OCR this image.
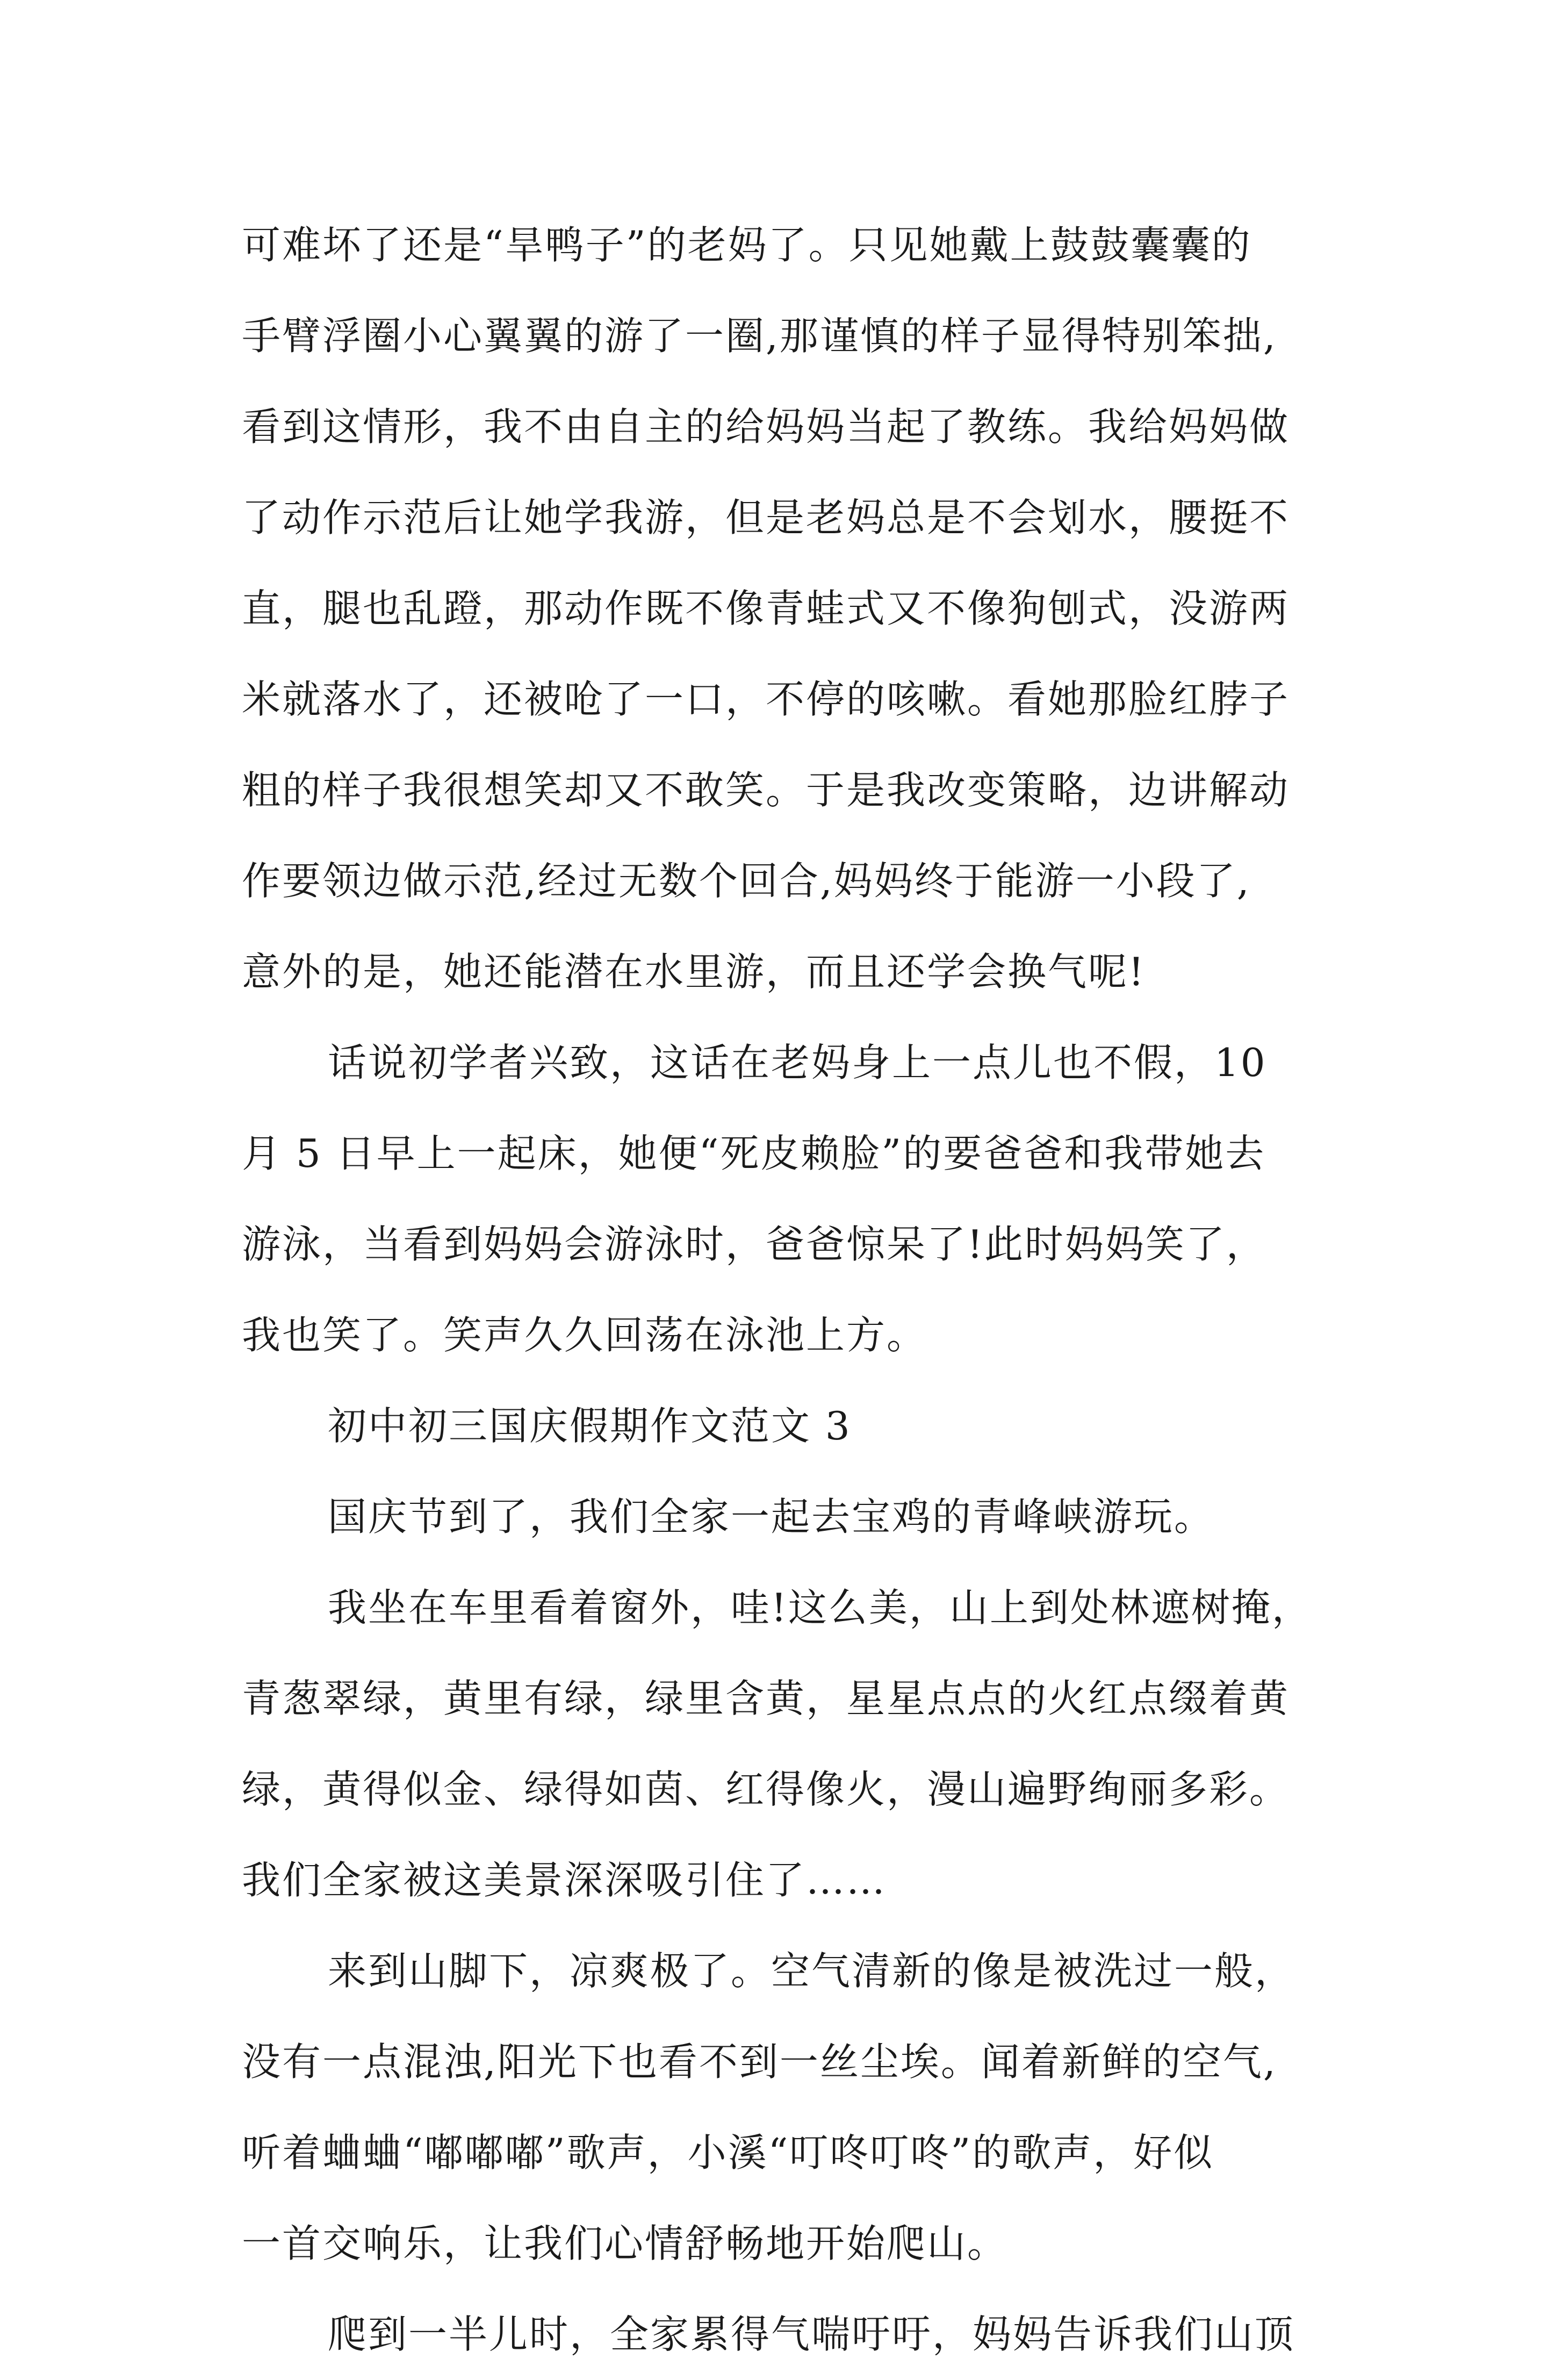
可难坏了还是“旱鸭子”的老妈了。只见她戴上鼓鼓囊囊的
手臂浮圈小心翼翼的游了一圈,那谨慎的样子显得特别笨拙,
看到这情形，我不由自主的给妈妈当起了教练。我给妈妈做
了动作示范后让她学我游，但是老妈总是不会划水，腰挺不
直，腿也乱蹬，那动作既不像青蛙式又不像狗刨式，没游两
米就落水了，还被呛了一口，不停的咳嗽。看她那脸红脖子
粗的样子我很想笑却又不敢笑。于是我改变策略，边讲解动
作要领边做示范,经过无数个回合,妈妈终于能游一小段了,
意外的是，她还能潜在水里游，而且还学会换气呢!
话说初学者兴致，这话在老妈身上一点儿也不假，10
月 5 日早上一起床，她便“死皮赖脸”的要爸爸和我带她去
游泳，当看到妈妈会游泳时，爸爸惊呆了!此时妈妈笑了，
我也笑了。笑声久久回荡在泳池上方。
初中初三国庆假期作文范文 3
国庆节到了，我们全家一起去宝鸡的青峰峡游玩。
我坐在车里看着窗外，哇!这么美，山上到处林遮树掩，
青葱翠绿，黄里有绿，绿里含黄，星星点点的火红点缀着黄
绿，黄得似金、绿得如茵、红得像火，漫山遍野绚丽多彩。
我们全家被这美景深深吸引住了……
来到山脚下，凉爽极了。空气清新的像是被洗过一般，
没有一点混浊,阳光下也看不到一丝尘埃。闻着新鲜的空气,
听着蛐蛐“嘟嘟嘟”歌声，小溪“叮咚叮咚”的歌声，好似
一首交响乐，让我们心情舒畅地开始爬山。
爬到一半儿时，全家累得气喘吁吁，妈妈告诉我们山顶
